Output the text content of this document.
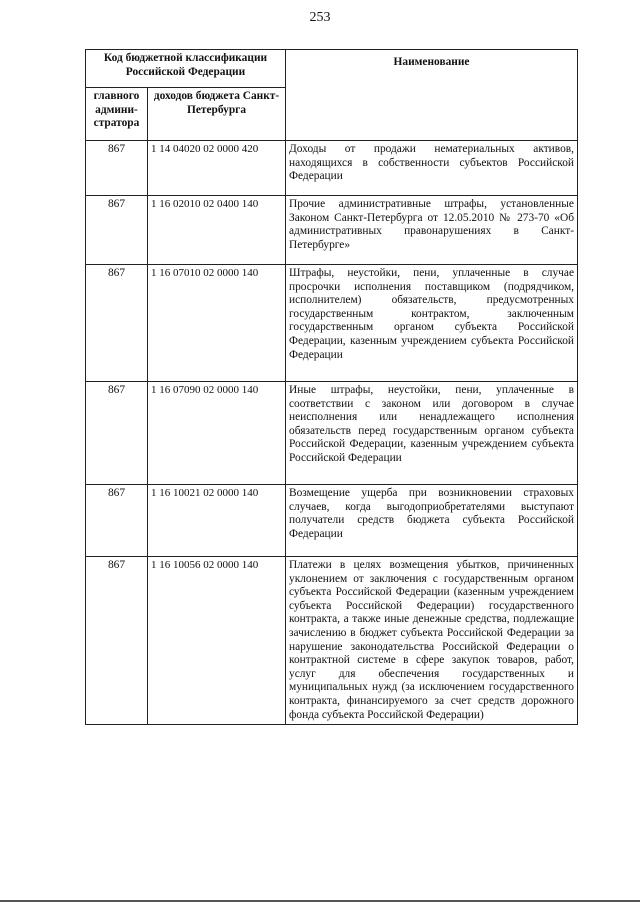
253
Код бюджетной классификации Российской Федерации		Наименование
главного админи-стратора	доходов бюджета Санкт-Петербурга	
867	1 14 04020 02 0000 420	Доходы от продажи нематериальных активов, находящихся в собственности субъектов Российской Федерации
867	1 16 02010 02 0400 140	Прочие административные штрафы, установленные Законом Санкт-Петербурга от 12.05.2010 № 273-70 «Об административных правонарушениях в Санкт-Петербурге»
867	1 16 07010 02 0000 140	Штрафы, неустойки, пени, уплаченные в случае просрочки исполнения поставщиком (подрядчиком, исполнителем) обязательств, предусмотренных государственным контрактом, заключенным государственным органом субъекта Российской Федерации, казенным учреждением субъекта Российской Федерации
867	1 16 07090 02 0000 140	Иные штрафы, неустойки, пени, уплаченные в соответствии с законом или договором в случае неисполнения или ненадлежащего исполнения обязательств перед государственным органом субъекта Российской Федерации, казенным учреждением субъекта Российской Федерации
867	1 16 10021 02 0000 140	Возмещение ущерба при возникновении страховых случаев, когда выгодоприобретателями выступают получатели средств бюджета субъекта Российской Федерации
867	1 16 10056 02 0000 140	Платежи в целях возмещения убытков, причиненных уклонением от заключения с государственным органом субъекта Российской Федерации (казенным учреждением субъекта Российской Федерации) государственного контракта, а также иные денежные средства, подлежащие зачислению в бюджет субъекта Российской Федерации за нарушение законодательства Российской Федерации о контрактной системе в сфере закупок товаров, работ, услуг для обеспечения государственных и муниципальных нужд (за исключением государственного контракта, финансируемого за счет средств дорожного фонда субъекта Российской Федерации)
